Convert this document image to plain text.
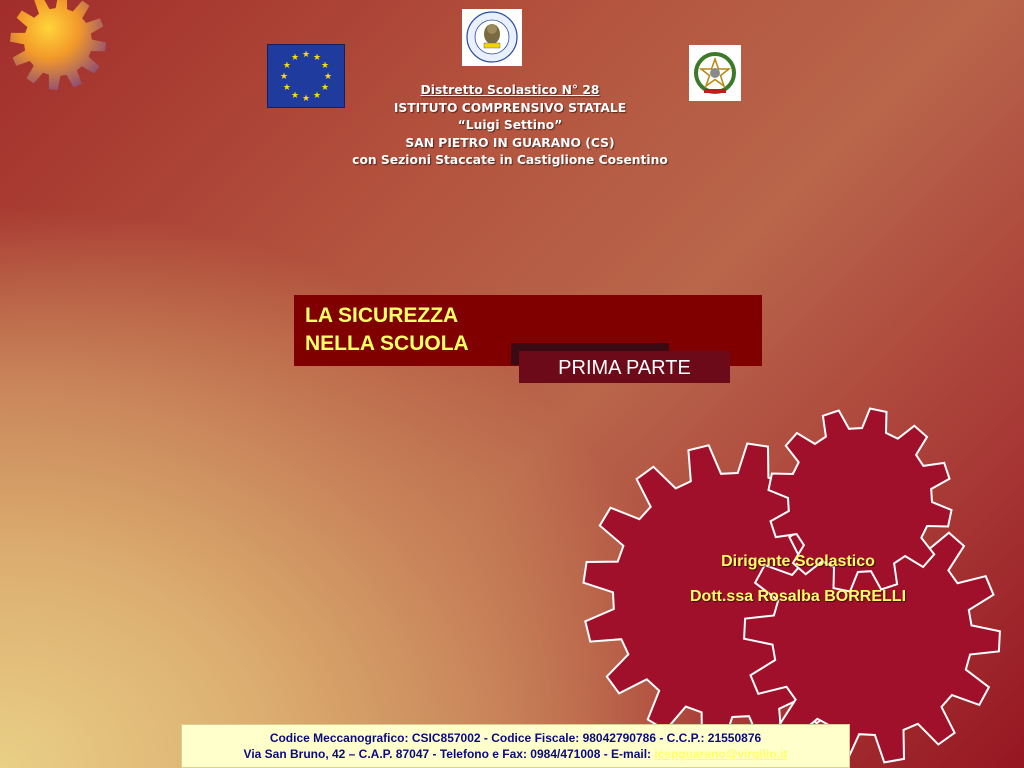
★
★
★
★
★
★
★
★
★ ★ ★
★
Distretto Scolastico N° 28
ISTITUTO COMPRENSIVO STATALE
“Luigi Settino”
SAN PIETRO IN GUARANO (CS)
con Sezioni Staccate in Castiglione Cosentino
LA SICUREZZA
NELLA SCUOLA
PRIMA PARTE
Dirigente Scolastico
Dott.ssa Rosalba BORRELLI
Codice Meccanografico: CSIC857002 - Codice Fiscale: 98042790786 - C.C.P.: 21550876
Via San Bruno, 42 – C.A.P. 87047 - Telefono e Fax: 0984/471008 - E-mail: icspguarano@virgilio.it
